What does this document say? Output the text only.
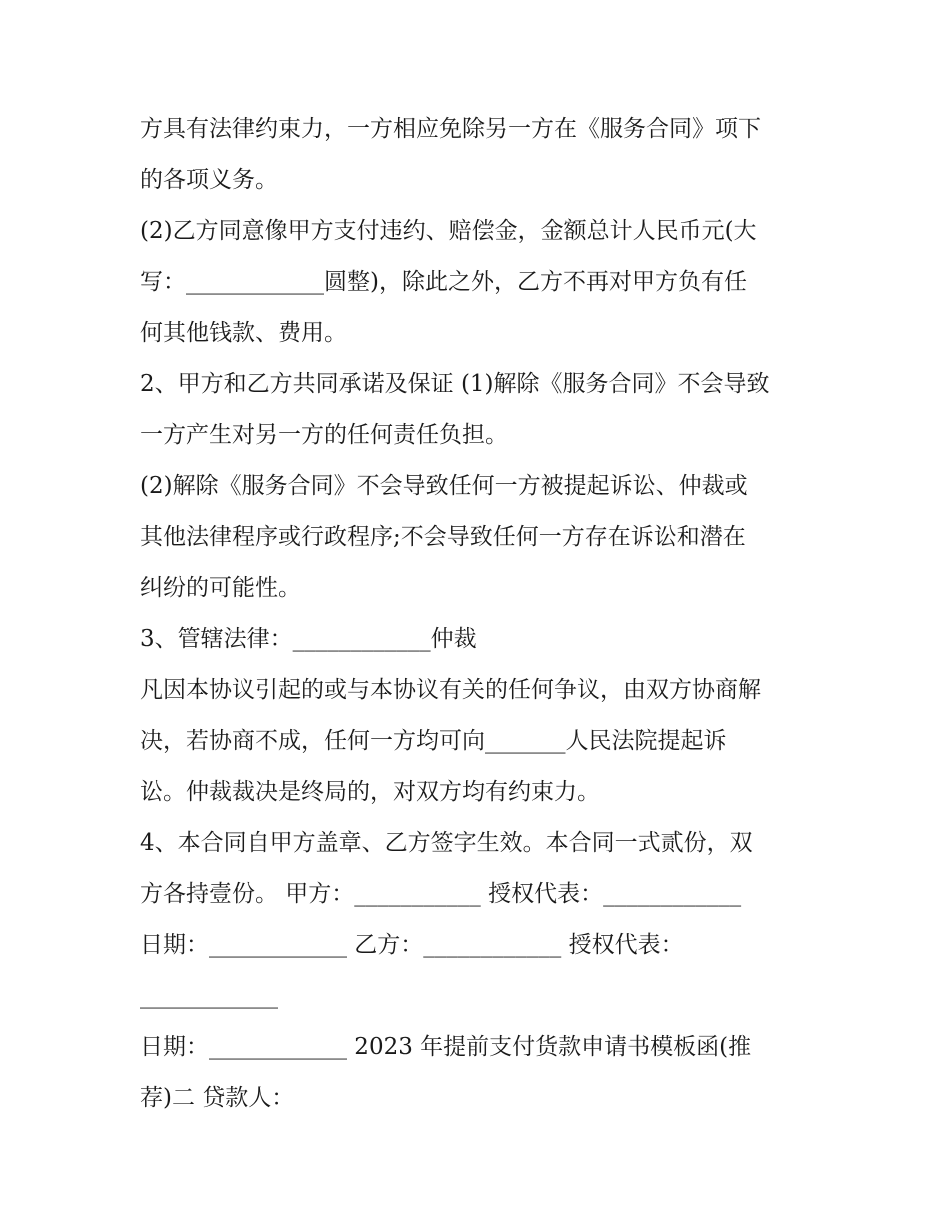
方具有法律约束力，一方相应免除另一方在《服务合同》项下
的各项义务。
(2)乙方同意像甲方支付违约、赔偿金，金额总计人民币元(大
写：____________圆整)，除此之外，乙方不再对甲方负有任
何其他钱款、费用。
2、甲方和乙方共同承诺及保证 (1)解除《服务合同》不会导致
一方产生对另一方的任何责任负担。
(2)解除《服务合同》不会导致任何一方被提起诉讼、仲裁或
其他法律程序或行政程序;不会导致任何一方存在诉讼和潜在
纠纷的可能性。
3、管辖法律：____________仲裁
凡因本协议引起的或与本协议有关的任何争议，由双方协商解
决，若协商不成，任何一方均可向_______人民法院提起诉
讼。仲裁裁决是终局的，对双方均有约束力。
4、本合同自甲方盖章、乙方签字生效。本合同一式贰份，双
方各持壹份。 甲方：___________ 授权代表：____________
日期：____________ 乙方：____________ 授权代表：
____________
日期：____________ 2023 年提前支付货款申请书模板函(推
荐)二 贷款人：
